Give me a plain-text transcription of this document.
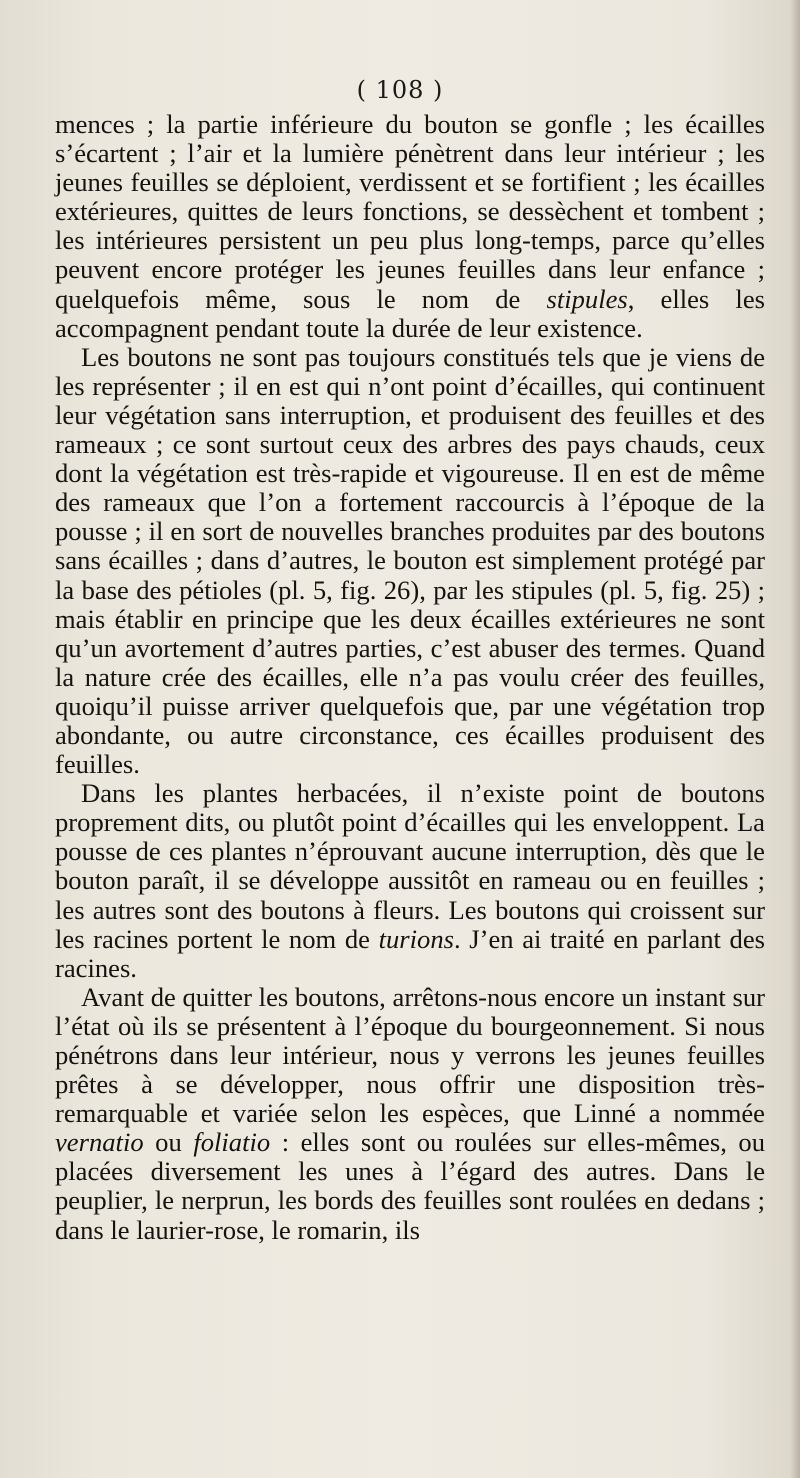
( 108 )

mences ; la partie inférieure du bouton se gonfle ; les écailles s’écartent ; l’air et la lumière pénètrent dans leur intérieur ; les jeunes feuilles se déploient, verdissent et se fortifient ; les écailles extérieures, quittes de leurs fonctions, se dessèchent et tombent ; les intérieures persistent un peu plus long-temps, parce qu’elles peuvent encore protéger les jeunes feuilles dans leur enfance ; quelquefois même, sous le nom de stipules, elles les accompagnent pendant toute la durée de leur existence.

Les boutons ne sont pas toujours constitués tels que je viens de les représenter ; il en est qui n’ont point d’écailles, qui continuent leur végétation sans interruption, et produisent des feuilles et des rameaux ; ce sont surtout ceux des arbres des pays chauds, ceux dont la végétation est très-rapide et vigoureuse. Il en est de même des rameaux que l’on a fortement raccourcis à l’époque de la pousse ; il en sort de nouvelles branches produites par des boutons sans écailles ; dans d’autres, le bouton est simplement protégé par la base des pétioles (pl. 5, fig. 26), par les stipules (pl. 5, fig. 25) ; mais établir en principe que les deux écailles extérieures ne sont qu’un avortement d’autres parties, c’est abuser des termes. Quand la nature crée des écailles, elle n’a pas voulu créer des feuilles, quoiqu’il puisse arriver quelquefois que, par une végétation trop abondante, ou autre circonstance, ces écailles produisent des feuilles.

Dans les plantes herbacées, il n’existe point de boutons proprement dits, ou plutôt point d’écailles qui les enveloppent. La pousse de ces plantes n’éprouvant aucune interruption, dès que le bouton paraît, il se développe aussitôt en rameau ou en feuilles ; les autres sont des boutons à fleurs. Les boutons qui croissent sur les racines portent le nom de turions. J’en ai traité en parlant des racines.

Avant de quitter les boutons, arrêtons-nous encore un instant sur l’état où ils se présentent à l’époque du bourgeonnement. Si nous pénétrons dans leur intérieur, nous y verrons les jeunes feuilles prêtes à se développer, nous offrir une disposition très-remarquable et variée selon les espèces, que Linné a nommée vernatio ou foliatio : elles sont ou roulées sur elles-mêmes, ou placées diversement les unes à l’égard des autres. Dans le peuplier, le nerprun, les bords des feuilles sont roulées en dedans ; dans le laurier-rose, le romarin, ils
